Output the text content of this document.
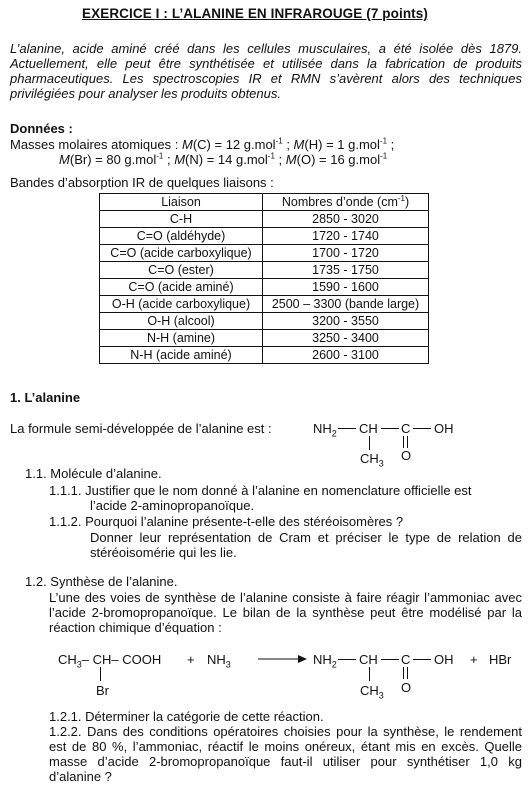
EXERCICE I : L’ALANINE EN INFRAROUGE (7 points)
L’alanine, acide aminé créé dans les cellules musculaires, a été isolée dès 1879. Actuellement, elle peut être synthétisée et utilisée dans la fabrication de produits pharmaceutiques. Les spectroscopies IR et RMN s’avèrent alors des techniques privilégiées pour analyser les produits obtenus.
Données :
Masses molaires atomiques : M(C) = 12 g.mol$^{-1}$ ; M(H) = 1 g.mol$^{-1}$ ;
M(Br) = 80 g.mol$^{-1}$ ; M(N) = 14 g.mol$^{-1}$ ; M(O) = 16 g.mol$^{-1}$
Bandes d’absorption IR de quelques liaisons :
Liaison	Nombres d’onde $(cm^{-1})$
C-H	2850 - 3020
C=O (aldéhyde)	1720 - 1740
C=O (acide carboxylique)	1700 - 1720
C=O (ester)	1735 - 1750
C=O (acide aminé)	1590 - 1600
O-H (acide carboxylique)	2500 – 3300 (bande large)
O-H (alcool)	3200 - 3550
N-H (amine)	3250 - 3400
N-H (acide aminé)	2600 - 3100
1. L’alanine
La formule semi-développée de l’alanine est :	$NH_2$ CH C OH
$CH_3$
O
1.1. Molécule d’alanine.
1.1.1. Justifier que le nom donné à l’alanine en nomenclature officielle est
l’acide 2-aminopropanoïque.
1.1.2. Pourquoi l’alanine présente-t-elle des stéréoisomères ?
Donner leur représentation de Cram et préciser le type de relation de stéréoisomérie qui les lie.
1.2. Synthèse de l’alanine.
L’une des voies de synthèse de l’alanine consiste à faire réagir l’ammoniac avec l’acide 2-bromopropanoïque. Le bilan de la synthèse peut être modélisé par la réaction chimique d’équation :
$CH_3-$ CH– COOH
Br
+ $NH_3 \to NH_2$ CH C OH
$CH_3$
O
+ HBr
1.2.1. Déterminer la catégorie de cette réaction.
1.2.2. Dans des conditions opératoires choisies pour la synthèse, le rendement est de 80 %, l’ammoniac, réactif le moins onéreux, étant mis en excès. Quelle masse d’acide 2-bromopropanoïque faut-il utiliser pour synthétiser 1,0 kg d’alanine ?
